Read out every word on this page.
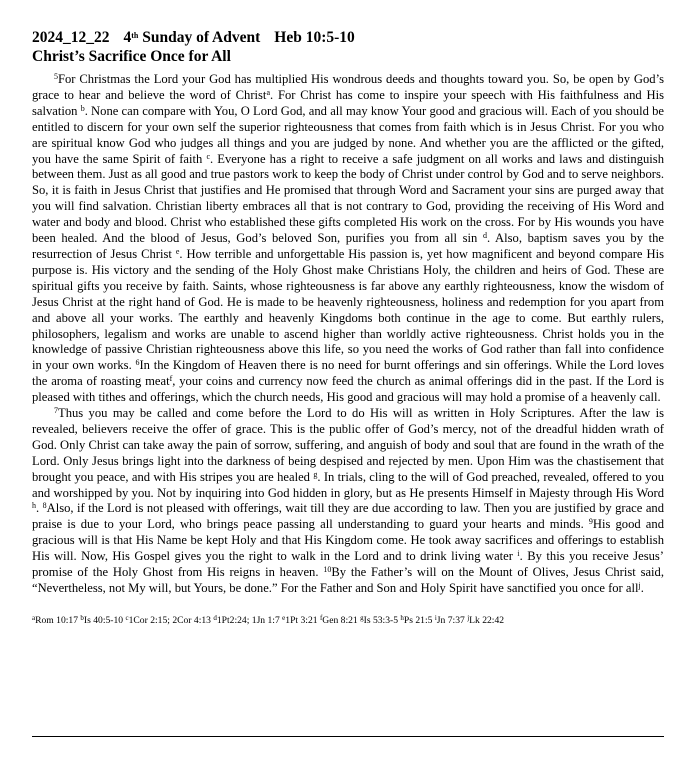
2024_12_22 4th Sunday of Advent Heb 10:5-10
Christ’s Sacrifice Once for All

$^5$For Christmas the Lord your God has multiplied His wondrous deeds and thoughts toward you. So, be open by God’s grace to hear and believe the word of Christ$^a$. For Christ has come to inspire your speech with His faithfulness and His salvation $^b$. None can compare with You, O Lord God, and all may know Your good and gracious will. Each of you should be entitled to discern for your own self the superior righteousness that comes from faith which is in Jesus Christ. For you who are spiritual know God who judges all things and you are judged by none. And whether you are the afflicted or the gifted, you have the same Spirit of faith $^c$. Everyone has a right to receive a safe judgment on all works and laws and distinguish between them. Just as all good and true pastors work to keep the body of Christ under control by God and to serve neighbors. So, it is faith in Jesus Christ that justifies and He promised that through Word and Sacrament your sins are purged away that you will find salvation. Christian liberty embraces all that is not contrary to God, providing the receiving of His Word and water and body and blood. Christ who established these gifts completed His work on the cross. For by His wounds you have been healed. And the blood of Jesus, God’s beloved Son, purifies you from all sin $^d$. Also, baptism saves you by the resurrection of Jesus Christ $^e$. How terrible and unforgettable His passion is, yet how magnificent and beyond compare His purpose is. His victory and the sending of the Holy Ghost make Christians Holy, the children and heirs of God. These are spiritual gifts you receive by faith. Saints, whose righteousness is far above any earthly righteousness, know the wisdom of Jesus Christ at the right hand of God. He is made to be heavenly righteousness, holiness and redemption for you apart from and above all your works. The earthly and heavenly Kingdoms both continue in the age to come. But earthly rulers, philosophers, legalism and works are unable to ascend higher than worldly active righteousness. Christ holds you in the knowledge of passive Christian righteousness above this life, so you need the works of God rather than fall into confidence in your own works. $^6$In the Kingdom of Heaven there is no need for burnt offerings and sin offerings. While the Lord loves the aroma of roasting meat$^f$, your coins and currency now feed the church as animal offerings did in the past. If the Lord is pleased with tithes and offerings, which the church needs, His good and gracious will may hold a promise of a heavenly call.

$^7$Thus you may be called and come before the Lord to do His will as written in Holy Scriptures. After the law is revealed, believers receive the offer of grace. This is the public offer of God’s mercy, not of the dreadful hidden wrath of God. Only Christ can take away the pain of sorrow, suffering, and anguish of body and soul that are found in the wrath of the Lord. Only Jesus brings light into the darkness of being despised and rejected by men. Upon Him was the chastisement that brought you peace, and with His stripes you are healed $^g$. In trials, cling to the will of God preached, revealed, offered to you and worshipped by you. Not by inquiring into God hidden in glory, but as He presents Himself in Majesty through His Word $^h$. $^8$Also, if the Lord is not pleased with offerings, wait till they are due according to law. Then you are justified by grace and praise is due to your Lord, who brings peace passing all understanding to guard your hearts and minds. $^9$His good and gracious will is that His Name be kept Holy and that His Kingdom come. He took away sacrifices and offerings to establish His will. Now, His Gospel gives you the right to walk in the Lord and to drink living water $^i$. By this you receive Jesus’ promise of the Holy Ghost from His reigns in heaven. $^{10}$By the Father’s will on the Mount of Olives, Jesus Christ said, “Nevertheless, not My will, but Yours, be done.” For the Father and Son and Holy Spirit have sanctified you once for all$^j$.

$^a$Rom 10:17 $^b$Is 40:5-10 $^c$1Cor 2:15; 2Cor 4:13 $^d$1Pt2:24; 1Jn 1:7 $^e$1Pt 3:21 $^f$Gen 8:21 $^g$Is 53:3-5 $^h$Ps 21:5 $^i$Jn 7:37 $^j$Lk 22:42
